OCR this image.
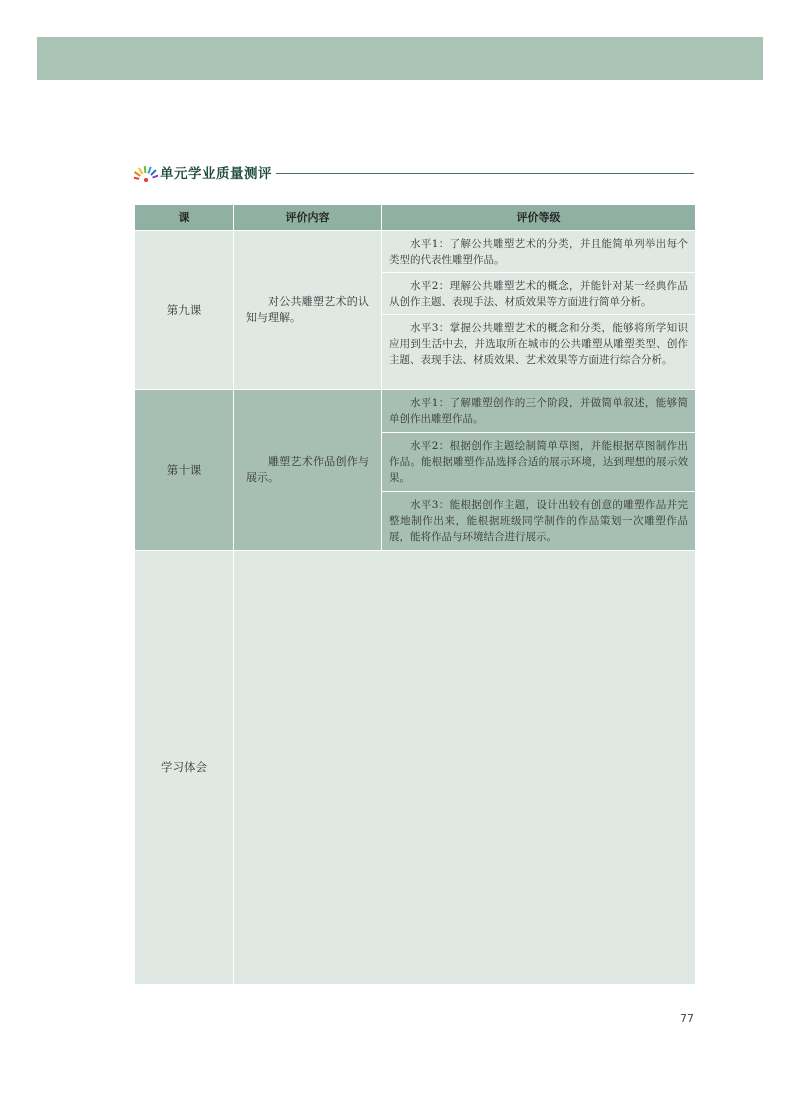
单元学业质量测评
课	评价内容	评价等级
第九课	对公共雕塑艺术的认知与理解。	水平1：了解公共雕塑艺术的分类，并且能简单列举出每个类型的代表性雕塑作品。

		水平2：理解公共雕塑艺术的概念，并能针对某一经典作品从创作主题、表现手法、材质效果等方面进行简单分析。

		水平3：掌握公共雕塑艺术的概念和分类，能够将所学知识应用到生活中去，并选取所在城市的公共雕塑从雕塑类型、创作主题、表现手法、材质效果、艺术效果等方面进行综合分析。

第十课	雕塑艺术作品创作与展示。	水平1：了解雕塑创作的三个阶段，并做简单叙述，能够简单创作出雕塑作品。

		水平2：根据创作主题绘制简单草图，并能根据草图制作出作品。能根据雕塑作品选择合适的展示环境，达到理想的展示效果。

		水平3：能根据创作主题，设计出较有创意的雕塑作品并完整地制作出来，能根据班级同学制作的作品策划一次雕塑作品展，能将作品与环境结合进行展示。

学习体会		
77
